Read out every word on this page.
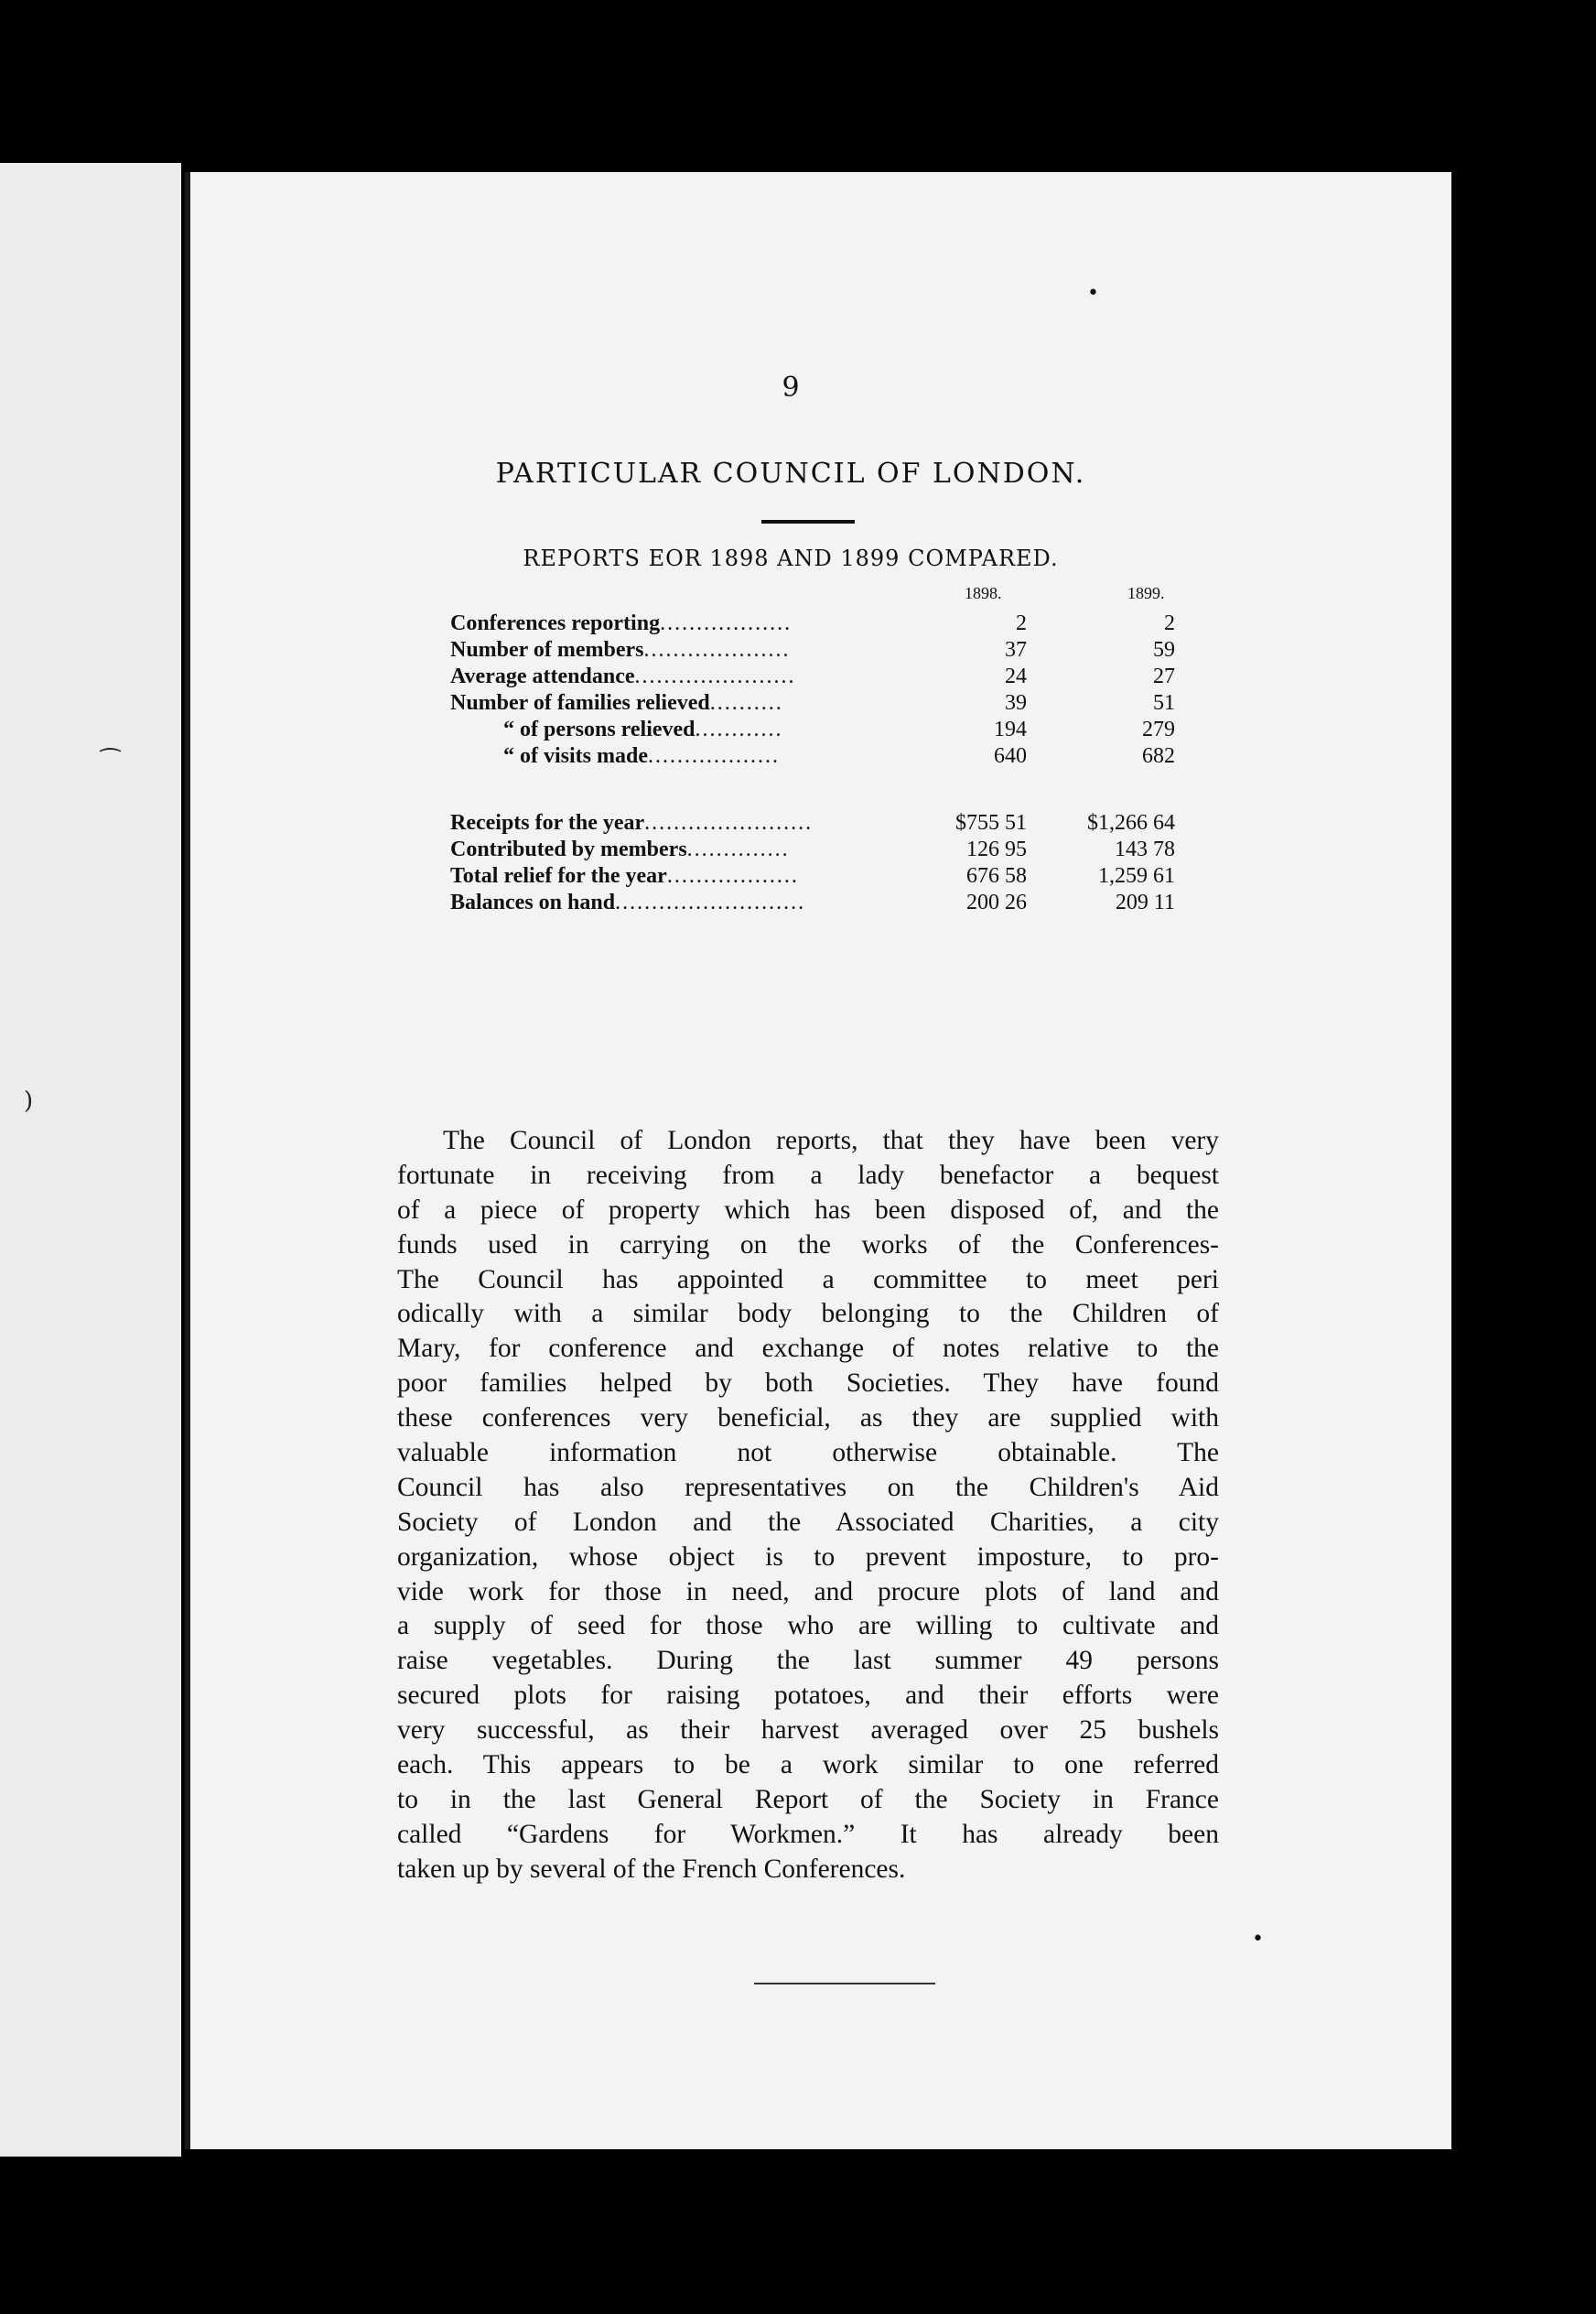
⁀
)
9
PARTICULAR COUNCIL OF LONDON.
REPORTS EOR 1898 AND 1899 COMPARED.
1898.	1899.
Conferences reporting..................	2	2
Number of members....................	37	59
Average attendance......................	24	27
Number of families relieved..........	39	51
“ of persons relieved............	194	279
“ of visits made..................	640	682
Receipts for the year.......................	$755 51	$1,266 64
Contributed by members..............	126 95	143 78
Total relief for the year..................	676 58	1,259 61
Balances on hand..........................	200 26	209 11
The Council of London reports, that they have been very
fortunate in receiving from a lady benefactor a bequest
of a piece of property which has been disposed of, and the
funds used in carrying on the works of the Conferences-
The Council has appointed a committee to meet peri
odically with a similar body belonging to the Children of
Mary, for conference and exchange of notes relative to the
poor families helped by both Societies. They have found
these conferences very beneficial, as they are supplied with
valuable information not otherwise obtainable. The
Council has also representatives on the Children's Aid
Society of London and the Associated Charities, a city
organization, whose object is to prevent imposture, to pro-
vide work for those in need, and procure plots of land and
a supply of seed for those who are willing to cultivate and
raise vegetables. During the last summer 49 persons
secured plots for raising potatoes, and their efforts were
very successful, as their harvest averaged over 25 bushels
each. This appears to be a work similar to one referred
to in the last General Report of the Society in France
called “Gardens for Workmen.” It has already been
taken up by several of the French Conferences.
•
•
